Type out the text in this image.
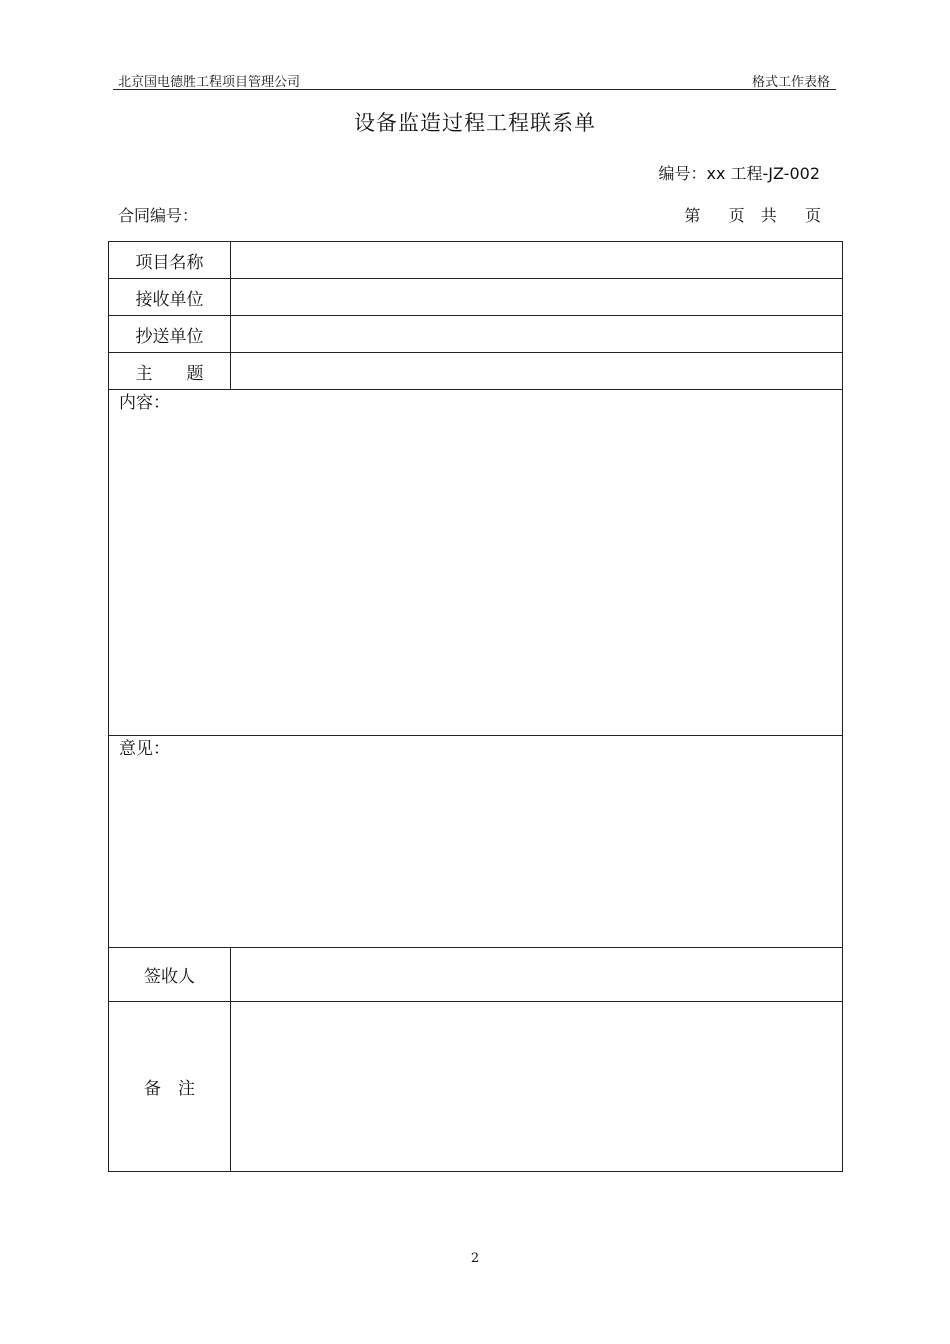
北京国电德胜工程项目管理公司	格式工作表格
设备监造过程工程联系单
编号：xx 工程-JZ-002
合同编号：	第 页 共 页
项目名称	
接收单位	
抄送单位	
主　　题	

内容：	

意见：	

签收人	
备　注	
2
